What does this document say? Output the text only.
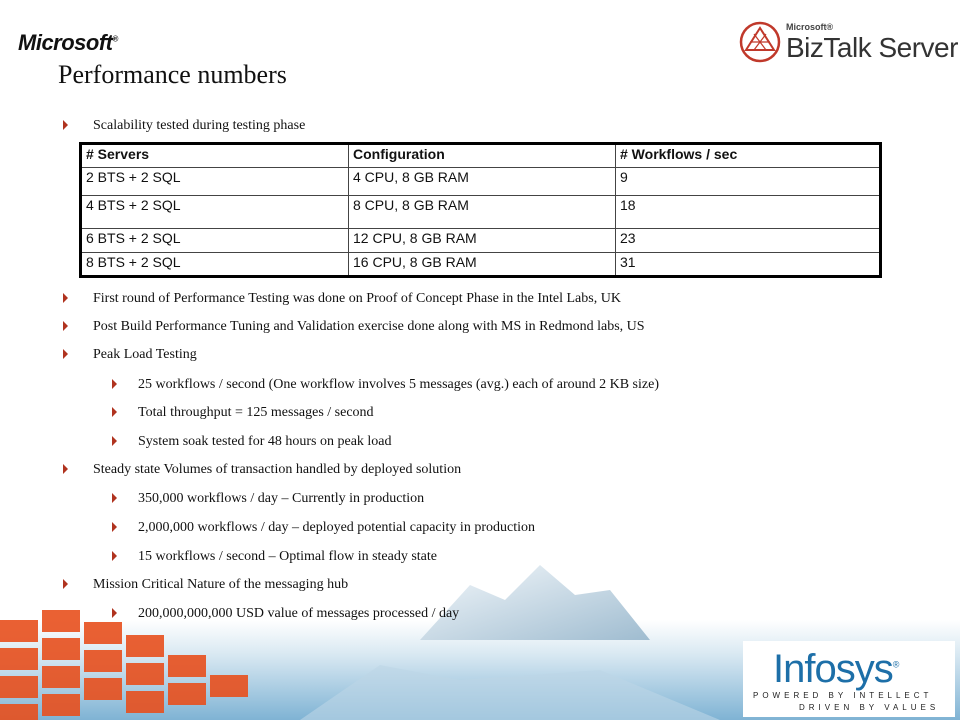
Microsoft®
Microsoft®
BizTalk Server
Performance numbers
Scalability tested during testing phase
# Servers	Configuration	# Workflows / sec
2 BTS + 2 SQL	4 CPU, 8 GB RAM	9
4 BTS + 2 SQL	8 CPU, 8 GB RAM	18
6 BTS + 2 SQL	12 CPU, 8 GB RAM	23
8 BTS + 2 SQL	16 CPU, 8 GB RAM	31
First round of Performance Testing was done on Proof of Concept Phase in the Intel Labs, UK
Post Build Performance Tuning and Validation exercise done along with MS in Redmond labs, US
Peak Load Testing
25 workflows / second (One workflow involves 5 messages (avg.) each of around 2 KB size)
Total throughput = 125 messages / second
System soak tested for 48 hours on peak load
Steady state Volumes of transaction handled by deployed solution
350,000 workflows / day – Currently in production
2,000,000 workflows / day – deployed potential capacity in production
15 workflows / second – Optimal flow in steady state
Mission Critical Nature of the messaging hub
200,000,000,000 USD value of messages processed / day
Infosys®
POWERED BY INTELLECT
DRIVEN BY VALUES
